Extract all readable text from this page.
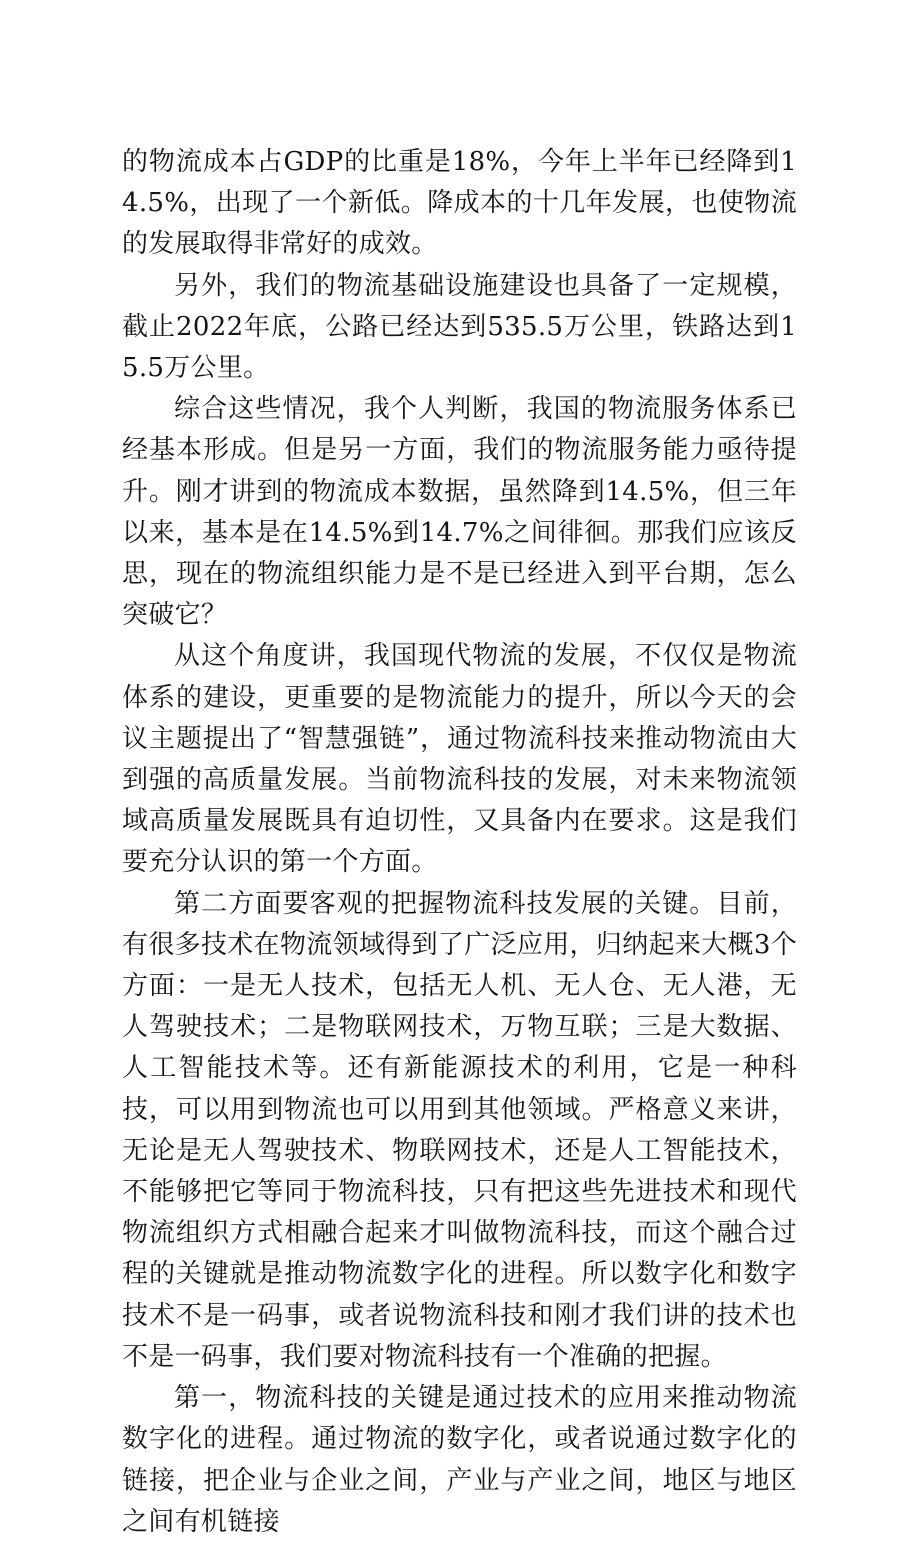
的物流成本占GDP的比重是18%，今年上半年已经降到14.5%，出现了一个新低。降成本的十几年发展，也使物流的发展取得非常好的成效。

另外，我们的物流基础设施建设也具备了一定规模，截止2022年底，公路已经达到535.5万公里，铁路达到15.5万公里。

综合这些情况，我个人判断，我国的物流服务体系已经基本形成。但是另一方面，我们的物流服务能力亟待提升。刚才讲到的物流成本数据，虽然降到14.5%，但三年以来，基本是在14.5%到14.7%之间徘徊。那我们应该反思，现在的物流组织能力是不是已经进入到平台期，怎么突破它？

从这个角度讲，我国现代物流的发展，不仅仅是物流体系的建设，更重要的是物流能力的提升，所以今天的会议主题提出了“智慧强链”，通过物流科技来推动物流由大到强的高质量发展。当前物流科技的发展，对未来物流领域高质量发展既具有迫切性，又具备内在要求。这是我们要充分认识的第一个方面。

第二方面要客观的把握物流科技发展的关键。目前，有很多技术在物流领域得到了广泛应用，归纳起来大概3个方面：一是无人技术，包括无人机、无人仓、无人港，无人驾驶技术；二是物联网技术，万物互联；三是大数据、人工智能技术等。还有新能源技术的利用，它是一种科技，可以用到物流也可以用到其他领域。严格意义来讲，无论是无人驾驶技术、物联网技术，还是人工智能技术，不能够把它等同于物流科技，只有把这些先进技术和现代物流组织方式相融合起来才叫做物流科技，而这个融合过程的关键就是推动物流数字化的进程。所以数字化和数字技术不是一码事，或者说物流科技和刚才我们讲的技术也不是一码事，我们要对物流科技有一个准确的把握。

第一，物流科技的关键是通过技术的应用来推动物流数字化的进程。通过物流的数字化，或者说通过数字化的链接，把企业与企业之间，产业与产业之间，地区与地区之间有机链接
